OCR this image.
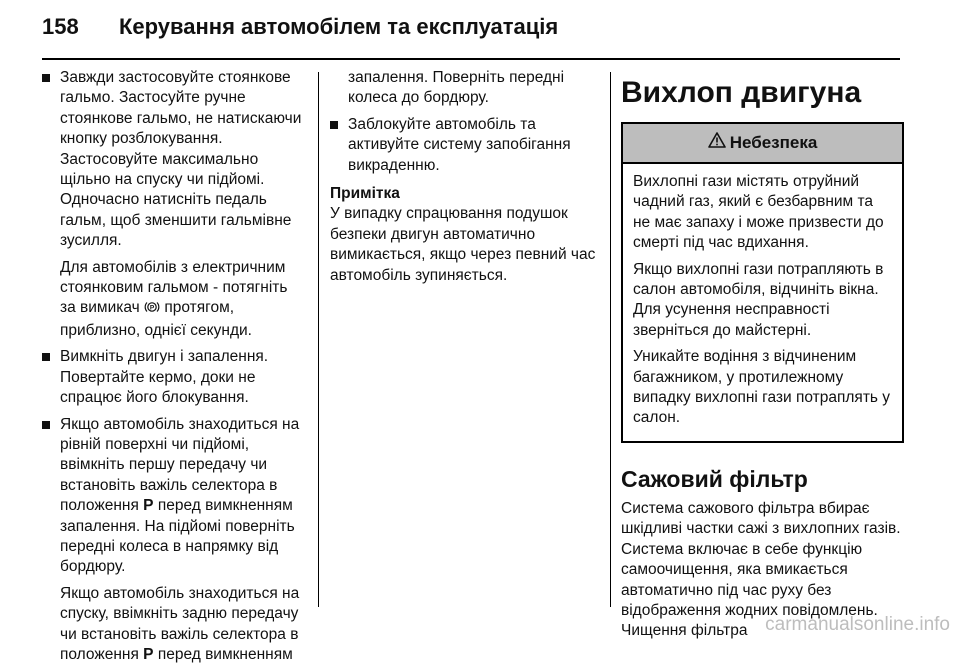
158 Керування автомобілем та експлуатація
Завжди застосовуйте стоянкове гальмо. Застосуйте ручне стоянкове гальмо, не натискаючи кнопку розблокування. Застосовуйте максимально щільно на спуску чи підйомі. Одночасно натисніть педаль гальм, щоб зменшити гальмівне зусилля.
Для автомобілів з електричним стоянковим гальмом - потягніть за вимикач P протягом, приблизно, однієї секунди.
Вимкніть двигун і запалення. Повертайте кермо, доки не спрацює його блокування.
Якщо автомобіль знаходиться на рівній поверхні чи підйомі, ввімкніть першу передачу чи встановіть важіль селектора в положення P перед вимкненням запалення. На підйомі поверніть передні колеса в напрямку від бордюру.
Якщо автомобіль знаходиться на спуску, ввімкніть задню передачу чи встановіть важіль селектора в положення P перед вимкненням
запалення. Поверніть передні колеса до бордюру.
Заблокуйте автомобіль та активуйте систему запобігання викраденню.
Примітка
У випадку спрацювання подушок безпеки двигун автоматично вимикається, якщо через певний час автомобіль зупиняється.
Вихлоп двигуна
Небезпека
Вихлопні гази містять отруйний чадний газ, який є безбарвним та не має запаху і може призвести до смерті під час вдихання.
Якщо вихлопні гази потрапляють в салон автомобіля, відчиніть вікна. Для усунення несправності зверніться до майстерні.
Уникайте водіння з відчиненим багажником, у протилежному випадку вихлопні гази потраплять у салон.
Сажовий фільтр
Система сажового фільтра вбирає шкідливі частки сажі з вихлопних газів. Система включає в себе функцію самоочищення, яка вмикається автоматично під час руху без відображення жодних повідомлень. Чищення фільтра carmanualsonline.info
